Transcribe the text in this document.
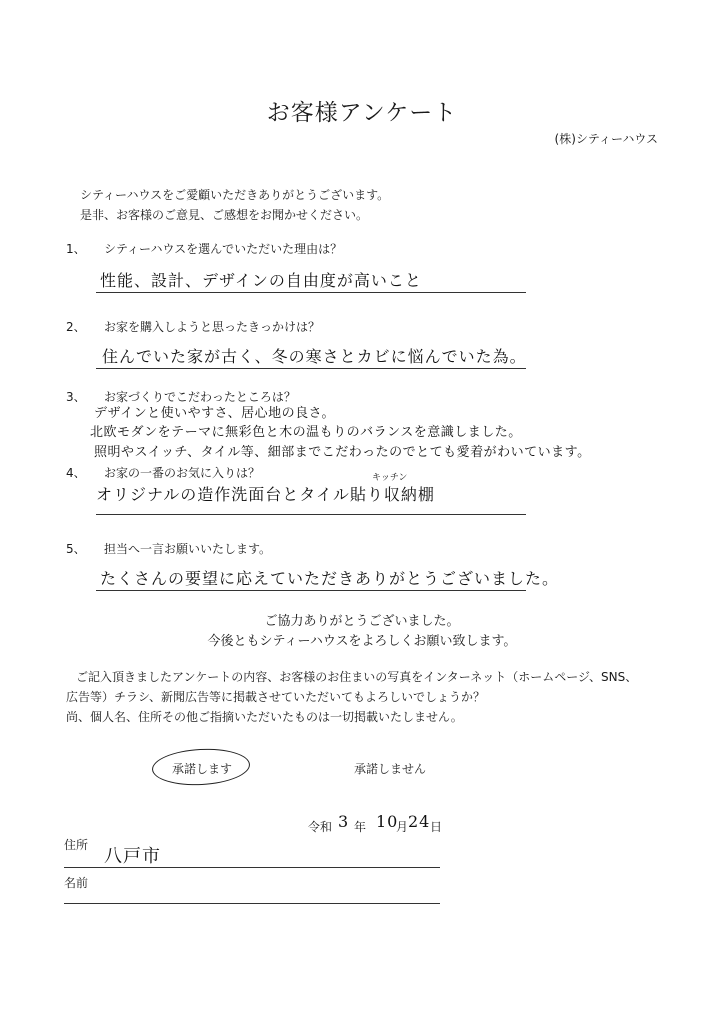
お客様アンケート
(株)シティーハウス
シティーハウスをご愛顧いただきありがとうございます。
是非、お客様のご意見、ご感想をお聞かせください。
1、 シティーハウスを選んでいただいた理由は？
性能、設計、デザインの自由度が高いこと
2、 お家を購入しようと思ったきっかけは？
住んでいた家が古く、冬の寒さとカビに悩んでいた為。
3、 お家づくりでこだわったところは？
デザインと使いやすさ、居心地の良さ。
北欧モダンをテーマに無彩色と木の温もりのバランスを意識しました。
照明やスイッチ、タイル等、細部までこだわったのでとても愛着がわいています。
4、 お家の一番のお気に入りは？	キッチン
オリジナルの造作洗面台とタイル貼り収納棚
5、 担当へ一言お願いいたします。
たくさんの要望に応えていただきありがとうございました。
ご協力ありがとうございました。
今後ともシティーハウスをよろしくお願い致します。
ご記入頂きましたアンケートの内容、お客様のお住まいの写真をインターネット（ホームページ、SNS、
広告等）チラシ、新聞広告等に掲載させていただいてもよろしいでしょうか？
尚、個人名、住所その他ご指摘いただいたものは一切掲載いたしません。
承諾します	承諾しません
令和 3 年 10
月 24 日
住所
八戸市
名前
